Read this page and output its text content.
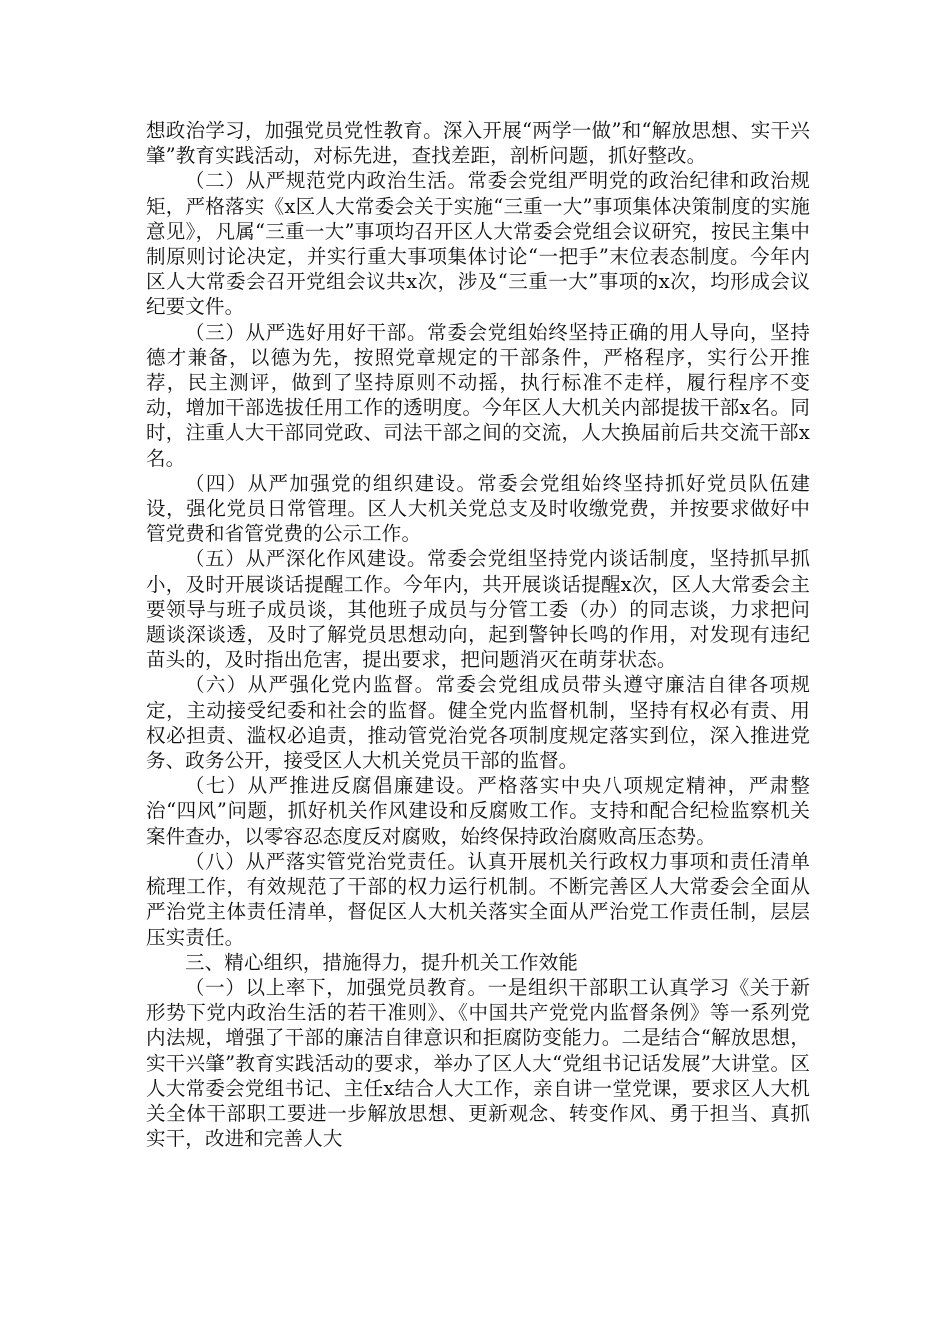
想政治学习，加强党员党性教育。深入开展“两学一做”和“解放思想、实干兴肇”教育实践活动，对标先进，查找差距，剖析问题，抓好整改。

（二）从严规范党内政治生活。常委会党组严明党的政治纪律和政治规矩，严格落实《x区人大常委会关于实施“三重一大”事项集体决策制度的实施意见》，凡属“三重一大”事项均召开区人大常委会党组会议研究，按民主集中制原则讨论决定，并实行重大事项集体讨论“一把手”末位表态制度。今年内区人大常委会召开党组会议共x次，涉及“三重一大”事项的x次，均形成会议纪要文件。

（三）从严选好用好干部。常委会党组始终坚持正确的用人导向，坚持德才兼备，以德为先，按照党章规定的干部条件，严格程序，实行公开推荐，民主测评，做到了坚持原则不动摇，执行标准不走样，履行程序不变动，增加干部选拔任用工作的透明度。今年区人大机关内部提拔干部x名。同时，注重人大干部同党政、司法干部之间的交流，人大换届前后共交流干部x名。

（四）从严加强党的组织建设。常委会党组始终坚持抓好党员队伍建设，强化党员日常管理。区人大机关党总支及时收缴党费，并按要求做好中管党费和省管党费的公示工作。

（五）从严深化作风建设。常委会党组坚持党内谈话制度，坚持抓早抓小，及时开展谈话提醒工作。今年内，共开展谈话提醒x次，区人大常委会主要领导与班子成员谈，其他班子成员与分管工委（办）的同志谈，力求把问题谈深谈透，及时了解党员思想动向，起到警钟长鸣的作用，对发现有违纪苗头的，及时指出危害，提出要求，把问题消灭在萌芽状态。

（六）从严强化党内监督。常委会党组成员带头遵守廉洁自律各项规定，主动接受纪委和社会的监督。健全党内监督机制，坚持有权必有责、用权必担责、滥权必追责，推动管党治党各项制度规定落实到位，深入推进党务、政务公开，接受区人大机关党员干部的监督。

（七）从严推进反腐倡廉建设。严格落实中央八项规定精神，严肃整治“四风”问题，抓好机关作风建设和反腐败工作。支持和配合纪检监察机关案件查办，以零容忍态度反对腐败，始终保持政治腐败高压态势。

（八）从严落实管党治党责任。认真开展机关行政权力事项和责任清单梳理工作，有效规范了干部的权力运行机制。不断完善区人大常委会全面从严治党主体责任清单，督促区人大机关落实全面从严治党工作责任制，层层压实责任。

三、精心组织，措施得力，提升机关工作效能

（一）以上率下，加强党员教育。一是组织干部职工认真学习《关于新形势下党内政治生活的若干准则》、《中国共产党党内监督条例》等一系列党内法规，增强了干部的廉洁自律意识和拒腐防变能力。二是结合“解放思想，实干兴肇”教育实践活动的要求，举办了区人大“党组书记话发展”大讲堂。区人大常委会党组书记、主任x结合人大工作，亲自讲一堂党课，要求区人大机关全体干部职工要进一步解放思想、更新观念、转变作风、勇于担当、真抓实干，改进和完善人大
